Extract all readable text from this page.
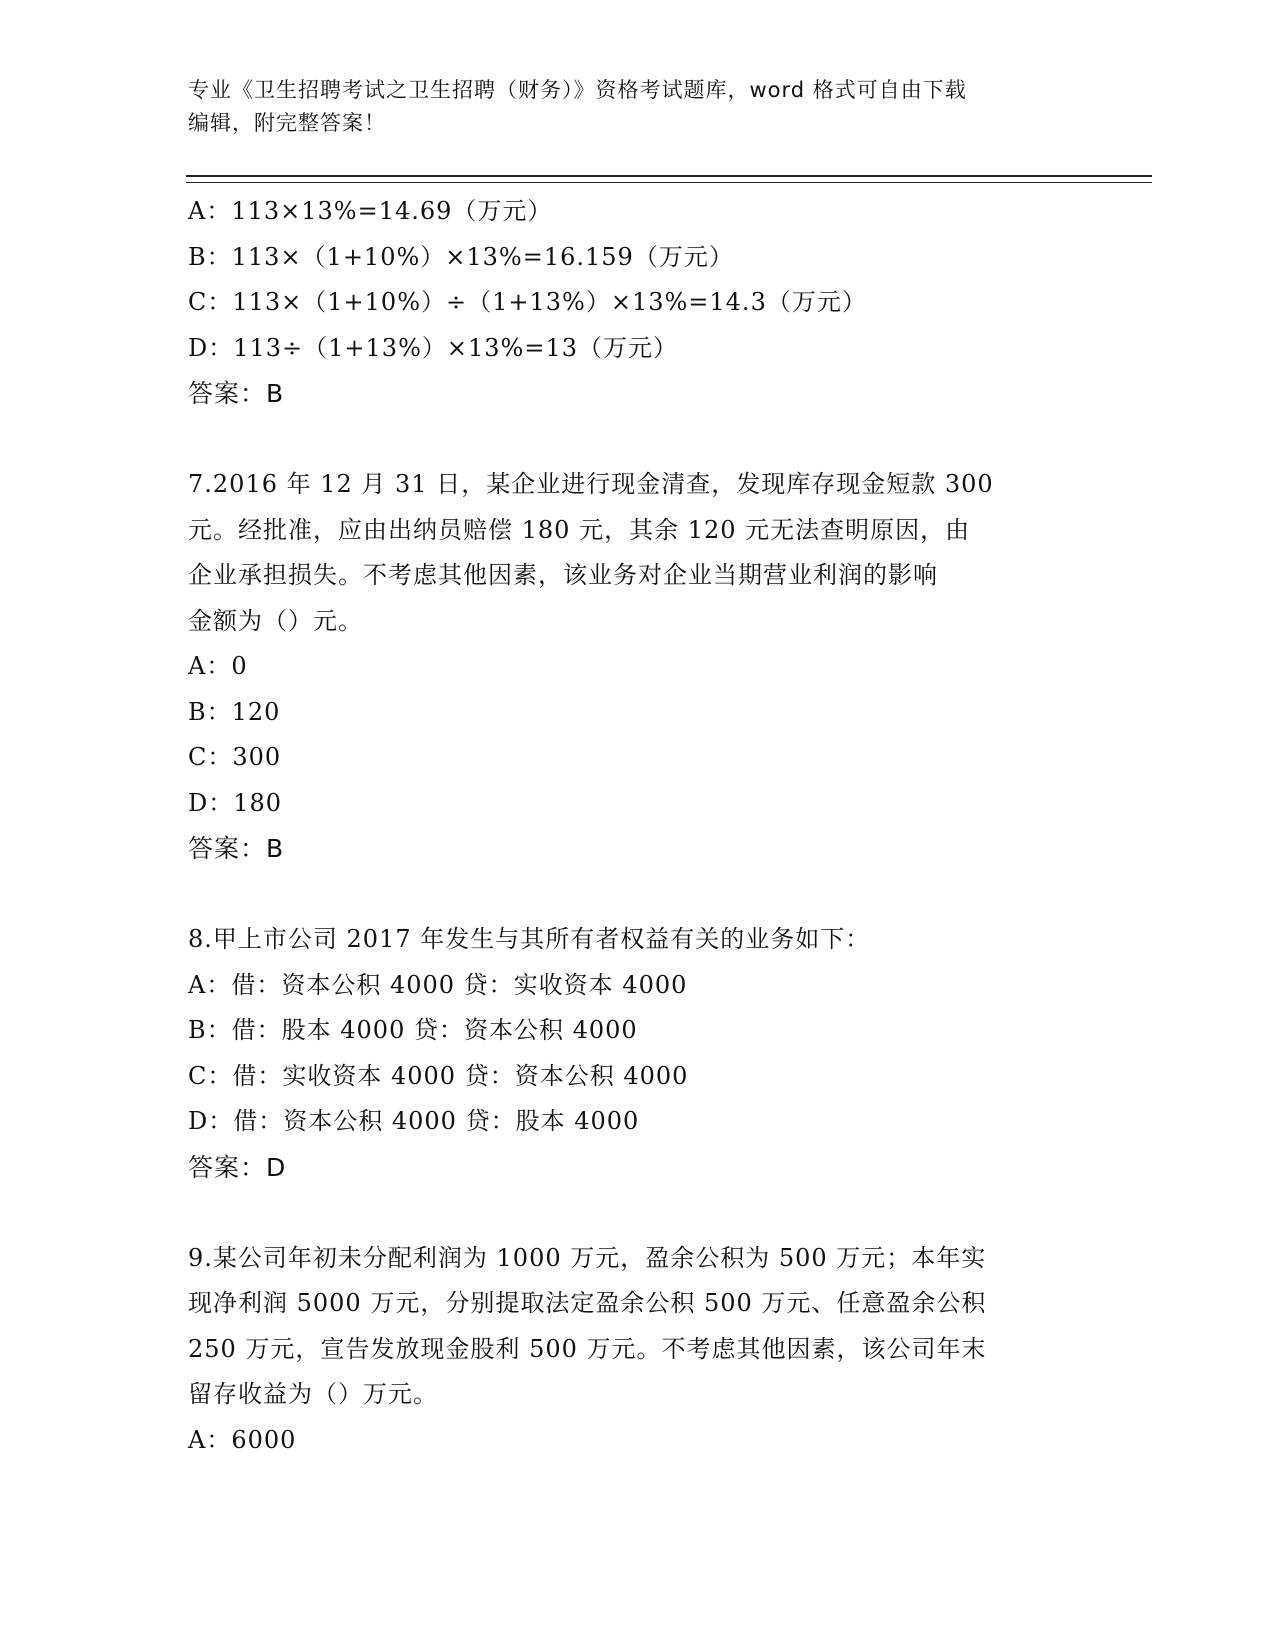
专业《卫生招聘考试之卫生招聘（财务）》资格考试题库，word 格式可自由下载
编辑，附完整答案！
A：113×13%=14.69（万元）
B：113×（1+10%）×13%=16.159（万元）
C：113×（1+10%）÷（1+13%）×13%=14.3（万元）
D：113÷（1+13%）×13%=13（万元）
答案：B
7.2016 年 12 月 31 日，某企业进行现金清查，发现库存现金短款 300
元。经批准，应由出纳员赔偿 180 元，其余 120 元无法查明原因，由
企业承担损失。不考虑其他因素，该业务对企业当期营业利润的影响
金额为（）元。
A：0
B：120
C：300
D：180
答案：B
8.甲上市公司 2017 年发生与其所有者权益有关的业务如下：
A：借：资本公积 4000 贷：实收资本 4000
B：借：股本 4000 贷：资本公积 4000
C：借：实收资本 4000 贷：资本公积 4000
D：借：资本公积 4000 贷：股本 4000
答案：D
9.某公司年初未分配利润为 1000 万元，盈余公积为 500 万元；本年实
现净利润 5000 万元，分别提取法定盈余公积 500 万元、任意盈余公积
250 万元，宣告发放现金股利 500 万元。不考虑其他因素，该公司年末
留存收益为（）万元。
A：6000
